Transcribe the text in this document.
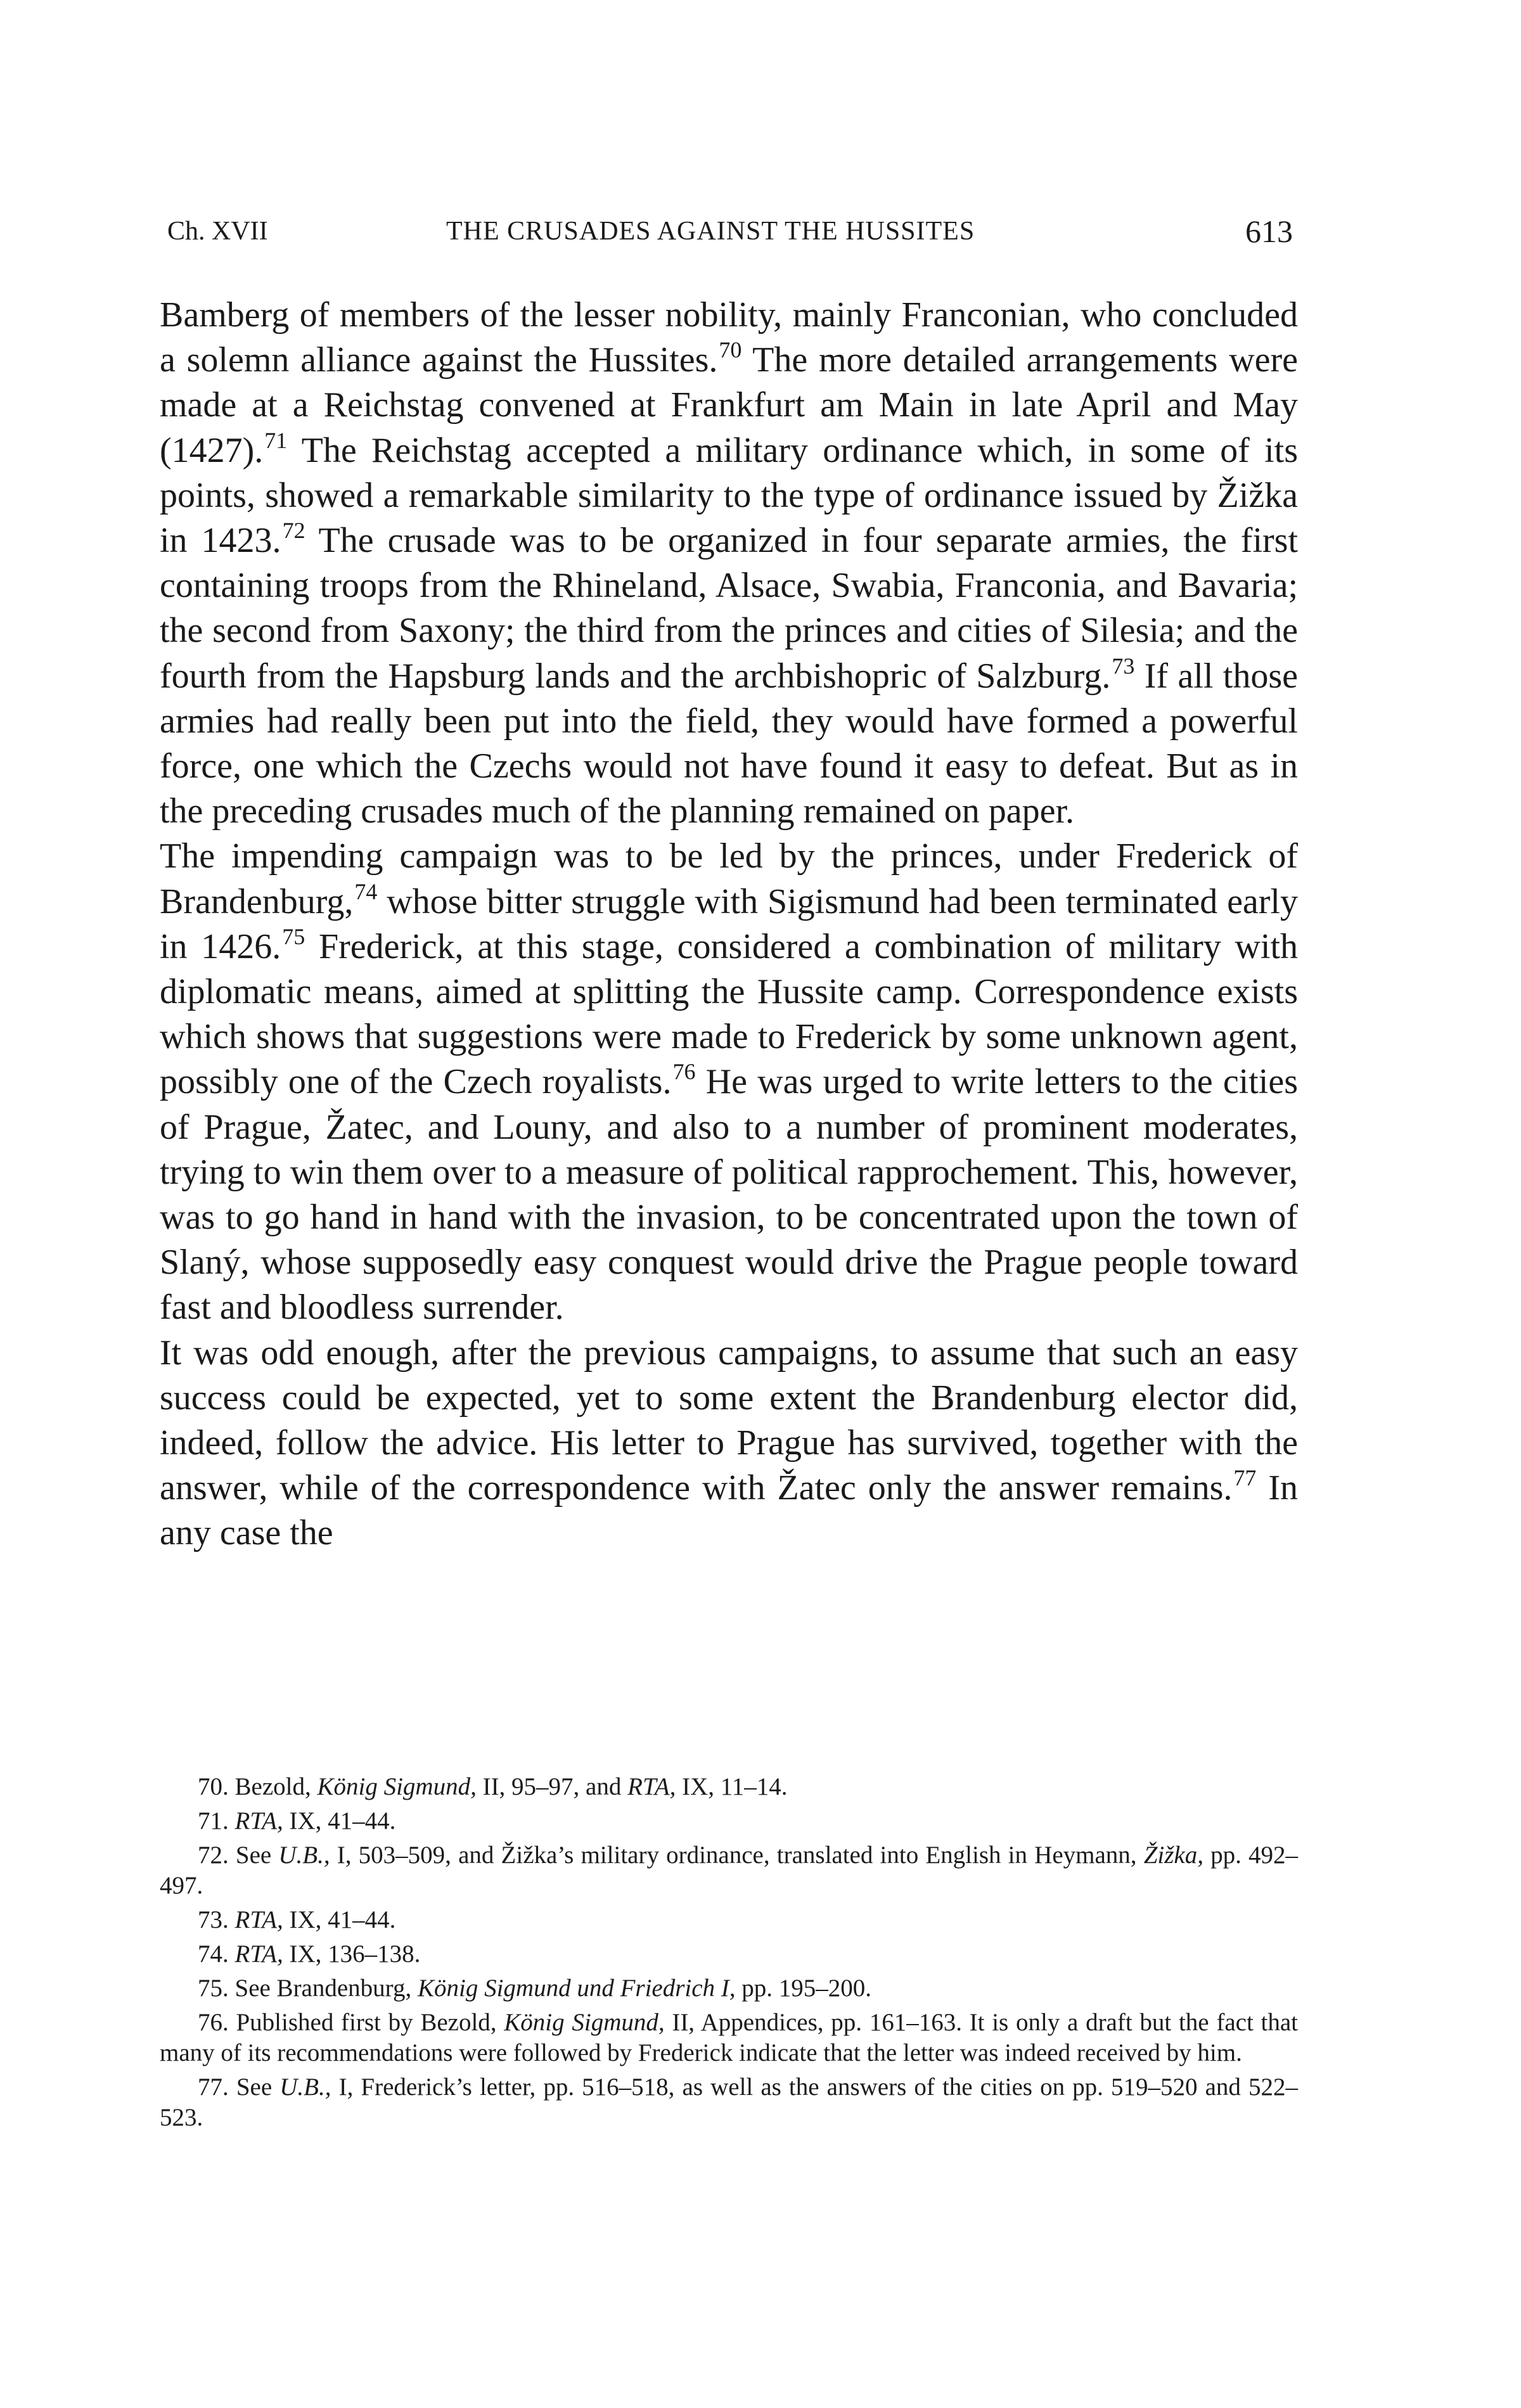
Ch. XVII	THE CRUSADES AGAINST THE HUSSITES	613

Bamberg of members of the lesser nobility, mainly Franconian, who concluded a solemn alliance against the Hussites.$^{70}$ The more detailed arrangements were made at a Reichstag convened at Frankfurt am Main in late April and May (1427).$^{71}$ The Reichstag accepted a military ordinance which, in some of its points, showed a remarkable similarity to the type of ordinance issued by Žižka in 1423.72 The crusade was to be organized in four separate armies, the first containing troops from the Rhineland, Alsace, Swabia, Franconia, and Bavaria; the second from Saxony; the third from the princes and cities of Silesia; and the fourth from the Hapsburg lands and the archbishopric of Salzburg.$^{73}$ If all those armies had really been put into the field, they would have formed a powerful force, one which the Czechs would not have found it easy to defeat. But as in the preceding crusades much of the planning remained on paper.

The impending campaign was to be led by the princes, under Frederick of Brandenburg,$^{74}$ whose bitter struggle with Sigismund had been terminated early in 1426.75 Frederick, at this stage, considered a combination of military with diplomatic means, aimed at splitting the Hussite camp. Correspondence exists which shows that suggestions were made to Frederick by some unknown agent, possibly one of the Czech royalists.$^{76}$ He was urged to write letters to the cities of Prague, Žatec, and Louny, and also to a number of prominent moderates, trying to win them over to a measure of political rapprochement. This, however, was to go hand in hand with the invasion, to be concentrated upon the town of Slaný, whose supposedly easy conquest would drive the Prague people toward fast and bloodless surrender.

It was odd enough, after the previous campaigns, to assume that such an easy success could be expected, yet to some extent the Brandenburg elector did, indeed, follow the advice. His letter to Prague has survived, together with the answer, while of the correspondence with Žatec only the answer remains.$^{77}$ In any case the

70. Bezold, König Sigmund, II, 95–97, and RTA, IX, 11–14.

71. RTA, IX, 41–44.

72. See U.B., I, 503–509, and Žižka’s military ordinance, translated into English in Heymann, Žižka, pp. 492–497.

73. RTA, IX, 41–44.

74. RTA, IX, 136–138.

75. See Brandenburg, König Sigmund und Friedrich I, pp. 195–200.

76. Published first by Bezold, König Sigmund, II, Appendices, pp. 161–163. It is only a draft but the fact that many of its recommendations were followed by Frederick indicate that the letter was indeed received by him.

77. See U.B., I, Frederick’s letter, pp. 516–518, as well as the answers of the cities on pp. 519–520 and 522–523.
